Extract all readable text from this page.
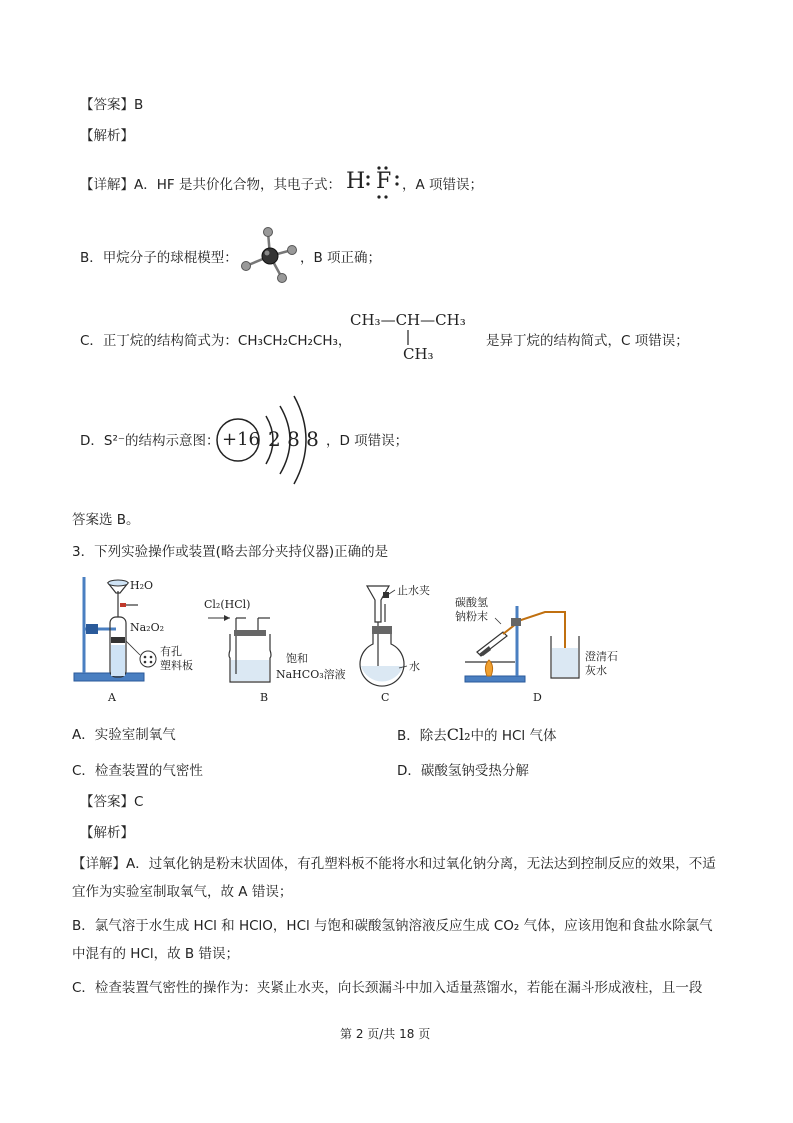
【答案】B
【解析】
【详解】A．HF 是共价化合物，其电子式： H F ，A 项错误；
B．甲烷分子的球棍模型：	，B 项正确；
C．正丁烷的结构简式为：CH₃CH₂CH₂CH₃，
CH₃—CH—CH₃
CH₃
是异丁烷的结构简式，C 项错误；
D．S²⁻的结构示意图： +16 2 8 8 ，D 项错误；
答案选 B。
3．下列实验操作或装置(略去部分夹持仪器)正确的是
H₂O
Na₂O₂
有孔
塑料板
A
Cl₂(HCl)
饱和
NaHCO₃溶液
B
止水夹
水
C
碳酸氢
钠粉末
澄清石
灰水
D
A．实验室制氧气	B．除去Cl₂中的 HCl 气体
C．检查装置的气密性	D．碳酸氢钠受热分解
【答案】C
【解析】
【详解】A．过氧化钠是粉末状固体，有孔塑料板不能将水和过氧化钠分离，无法达到控制反应的效果，不适宜作为实验室制取氧气，故 A 错误；
B．氯气溶于水生成 HCl 和 HClO，HCl 与饱和碳酸氢钠溶液反应生成 CO₂ 气体，应该用饱和食盐水除氯气中混有的 HCl，故 B 错误；
C．检查装置气密性的操作为：夹紧止水夹，向长颈漏斗中加入适量蒸馏水，若能在漏斗形成液柱，且一段
第 2 页/共 18 页
